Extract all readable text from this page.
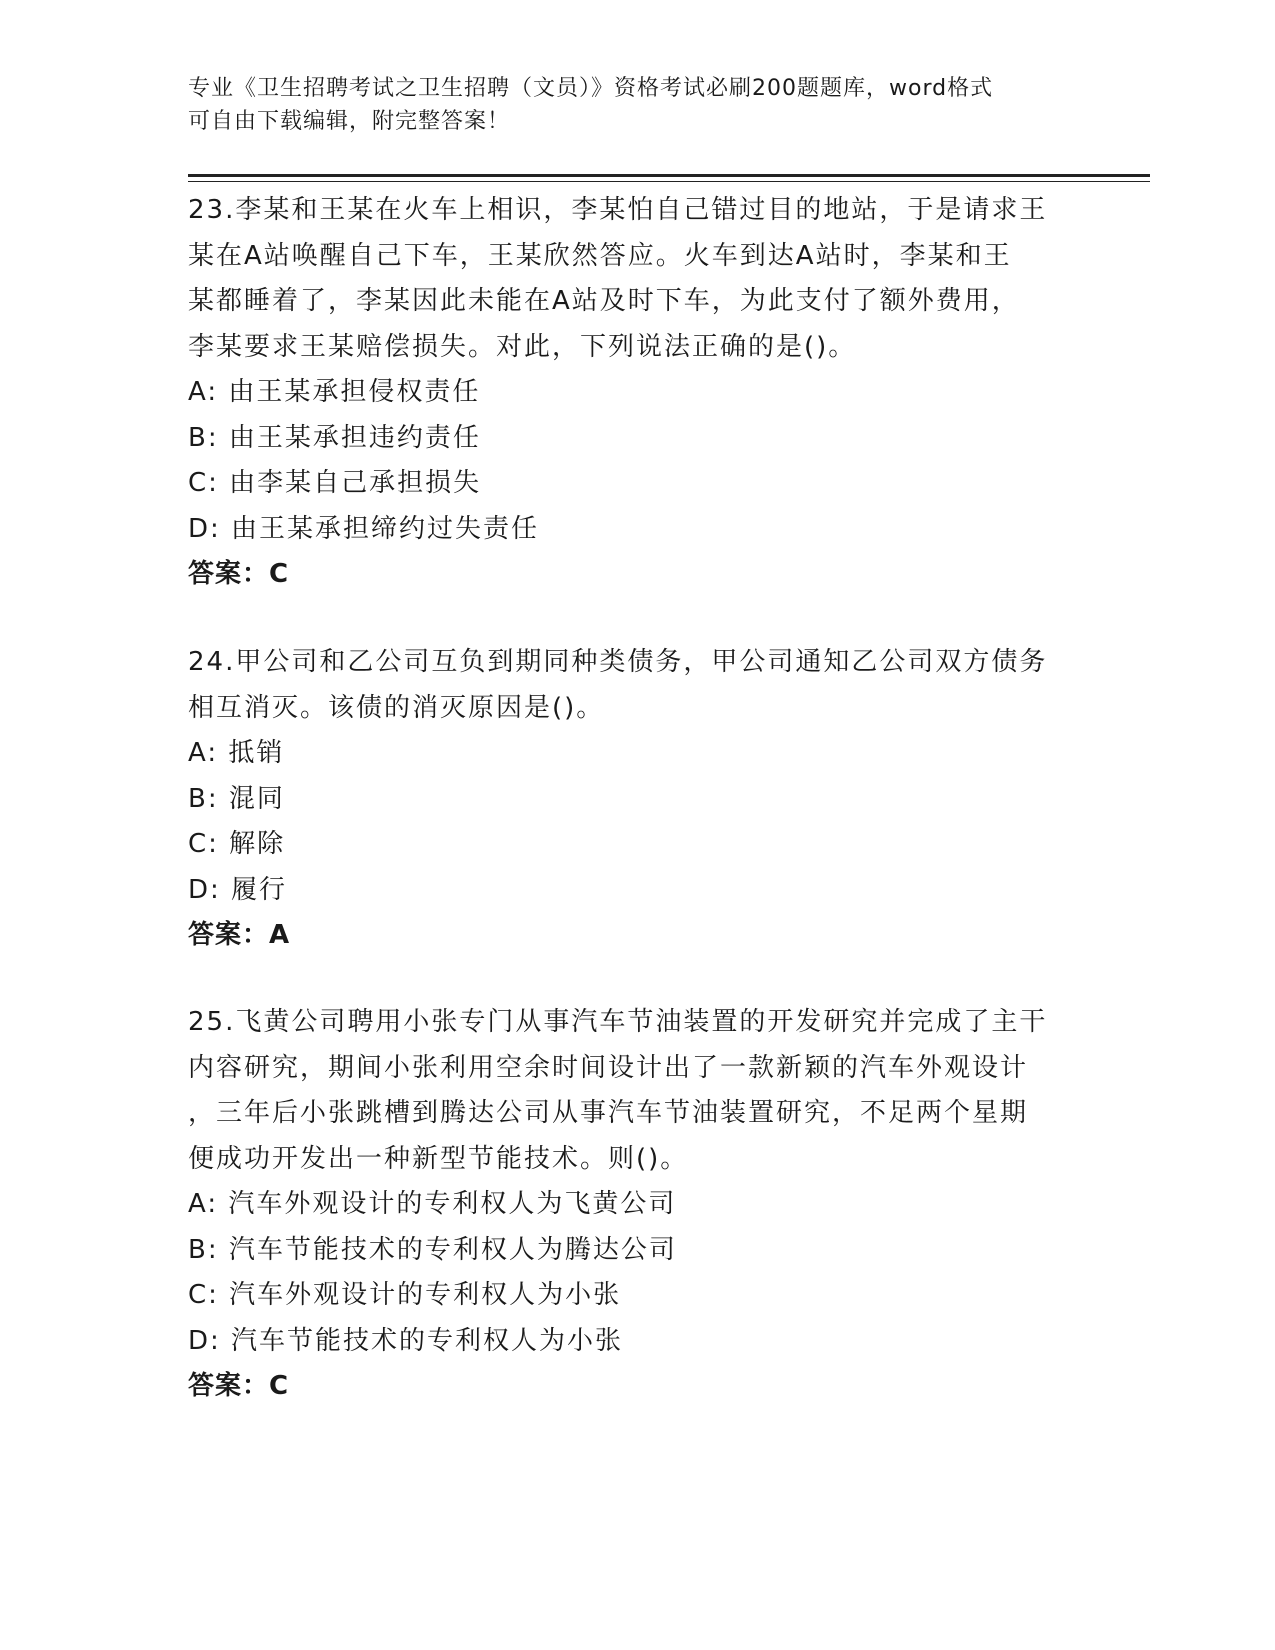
专业《卫生招聘考试之卫生招聘（文员）》资格考试必刷200题题库，word格式
可自由下载编辑，附完整答案！

23.李某和王某在火车上相识，李某怕自己错过目的地站，于是请求王

某在A站唤醒自己下车，王某欣然答应。火车到达A站时，李某和王

某都睡着了，李某因此未能在A站及时下车，为此支付了额外费用，

李某要求王某赔偿损失。对此，下列说法正确的是()。

A: 由王某承担侵权责任

B: 由王某承担违约责任

C: 由李某自己承担损失

D: 由王某承担缔约过失责任

答案：C

24.甲公司和乙公司互负到期同种类债务，甲公司通知乙公司双方债务

相互消灭。该债的消灭原因是()。

A: 抵销

B: 混同

C: 解除

D: 履行

答案：A

25.飞黄公司聘用小张专门从事汽车节油装置的开发研究并完成了主干

内容研究，期间小张利用空余时间设计出了一款新颖的汽车外观设计

，三年后小张跳槽到腾达公司从事汽车节油装置研究，不足两个星期

便成功开发出一种新型节能技术。则()。

A: 汽车外观设计的专利权人为飞黄公司

B: 汽车节能技术的专利权人为腾达公司

C: 汽车外观设计的专利权人为小张

D: 汽车节能技术的专利权人为小张

答案：C
